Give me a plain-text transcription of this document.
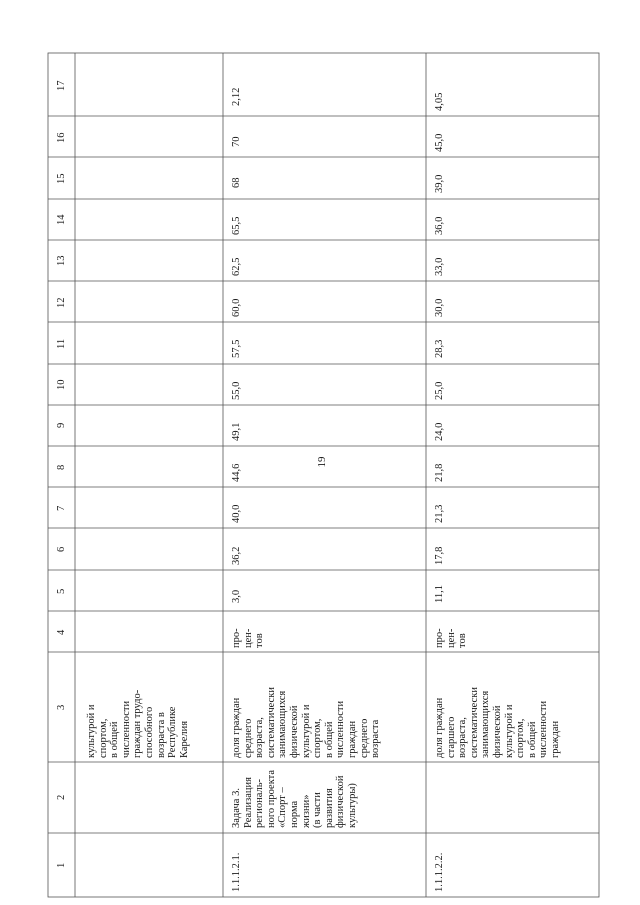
19
17
16
15
14
13
12
11
10
9
8
7
6
5
4
3
2
1
культурой и спортом, в общей численности граждан трудо- способного возраста в Республике Карелия
1.1.1.2.1.
Задача 3. Реализация региональ- ного проекта «Спорт – норма жизни» (в части развития физической культуры)
доля граждан среднего возраста, систематически занимающихся физической культурой и спортом, в общей численности граждан среднего возраста
про- цен- тов
3,0
36,2
40,0
44,6
49,1
55,0
57,5
60,0
62,5
65,5
68
70
2,12
1.1.1.2.2.
доля граждан старшего возраста, систематически занимающихся физической культурой и спортом, в общей численности граждан
про- цен- тов
11,1
17,8
21,3
21,8
24,0
25,0
28,3
30,0
33,0
36,0
39,0
45,0
4,05
